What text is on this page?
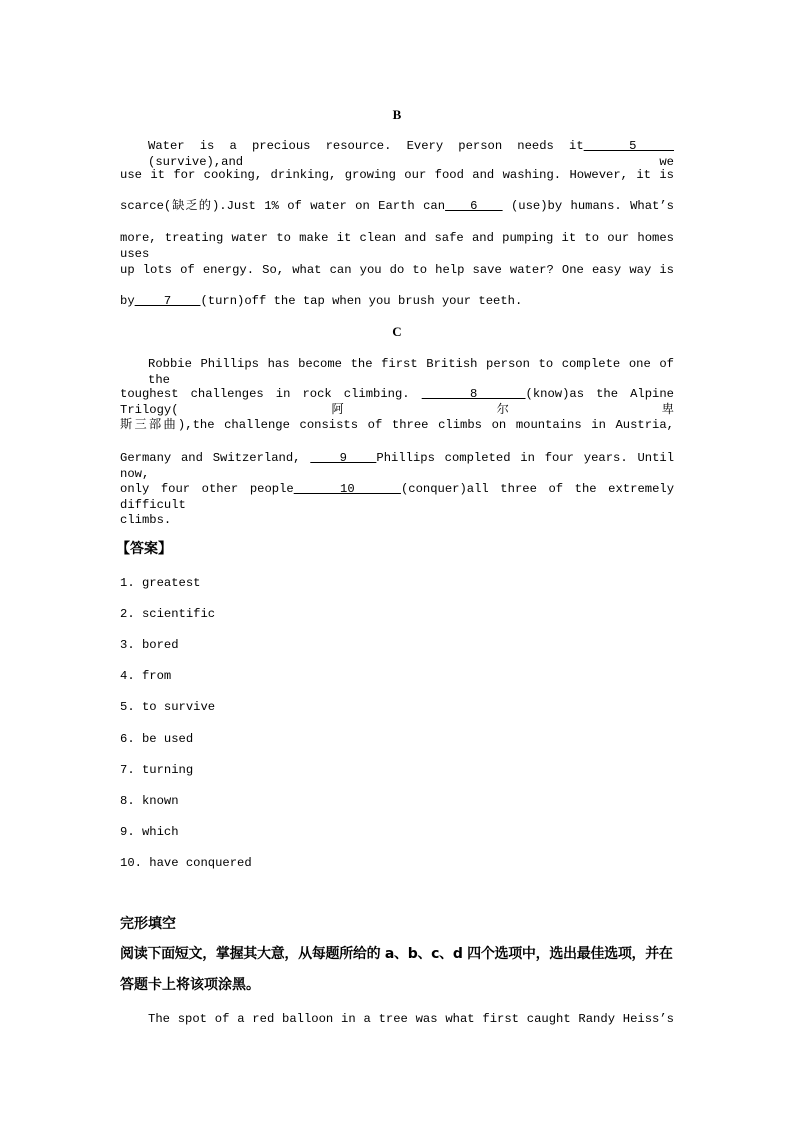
B
Water is a precious resource. Every person needs it   5    (survive),and we
use it for cooking, drinking, growing our food and washing. However, it is
scarce(缺乏的).Just 1% of water on Earth can   6    (use)by humans. What’s
more, treating water to make it clean and safe and pumping it to our homes uses
up lots of energy. So, what can you do to help save water? One easy way is
by    7    (turn)off the tap when you brush your teeth.
C
Robbie Phillips has become the first British person to complete one of the
toughest challenges in rock climbing.     8    (know)as the Alpine Trilogy(阿尔卑
斯三部曲),the challenge consists of three climbs on mountains in Austria,
Germany and Switzerland,    9   Phillips completed in four years. Until now,
only four other people    10    (conquer)all three of the extremely difficult
climbs.
【答案】
1. greatest
2. scientific
3. bored
4. from
5. to survive
6. be used
7. turning
8. known
9. which
10. have conquered
完形填空
阅读下面短文，掌握其大意，从每题所给的 a、b、c、d 四个选项中，选出最佳选项，并在
答题卡上将该项涂黑。
The spot of a red balloon in a tree was what first caught Randy Heiss’s
